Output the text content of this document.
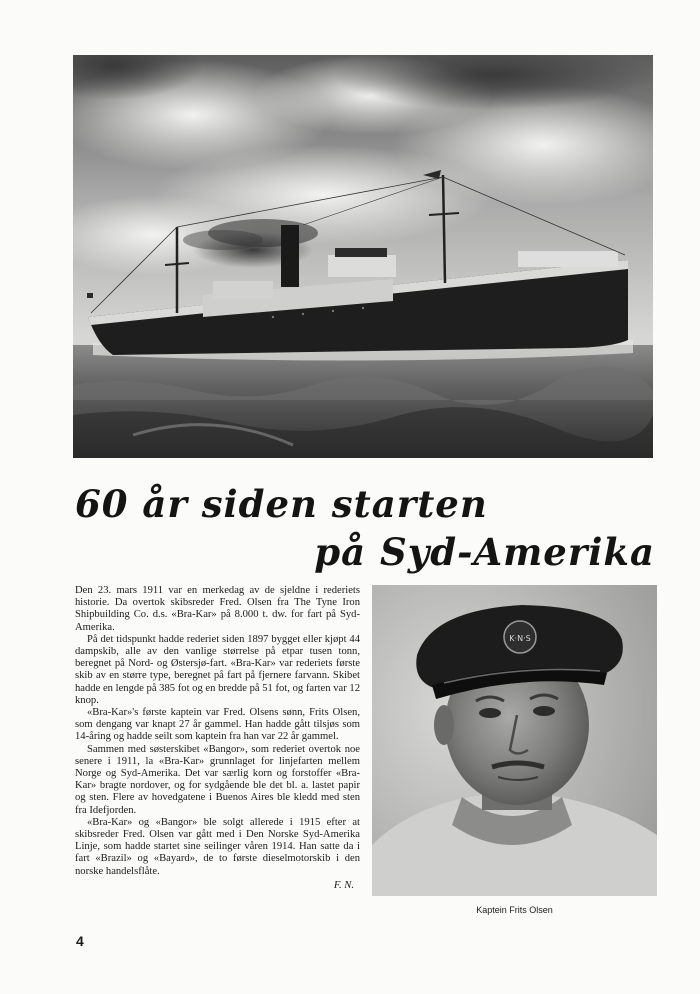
60 år siden starten
på Syd-Amerika

Den 23. mars 1911 var en merkedag av de sjeldne i rederiets historie. Da overtok skibsreder Fred. Olsen fra The Tyne Iron Shipbuilding Co. d.s. «Bra-Kar» på 8.000 t. dw. for fart på Syd-Amerika.

På det tidspunkt hadde rederiet siden 1897 bygget eller kjøpt 44 dampskib, alle av den vanlige størrelse på etpar tusen tonn, beregnet på Nord- og Østersjø-fart. «Bra-Kar» var rederiets første skib av en større type, beregnet på fart på fjernere farvann. Skibet hadde en lengde på 385 fot og en bredde på 51 fot, og farten var 12 knop.

«Bra-Kar»'s første kaptein var Fred. Olsens sønn, Frits Olsen, som dengang var knapt 27 år gammel. Han hadde gått tilsjøs som 14-åring og hadde seilt som kaptein fra han var 22 år gammel.

Sammen med søsterskibet «Bangor», som rederiet overtok noe senere i 1911, la «Bra-Kar» grunnlaget for linjefarten mellem Norge og Syd-Amerika. Det var særlig korn og forstoffer «Bra-Kar» bragte nordover, og for sydgående ble det bl. a. lastet papir og sten. Flere av hovedgatene i Buenos Aires ble kledd med sten fra Idefjorden.

«Bra-Kar» og «Bangor» ble solgt allerede i 1915 efter at skibsreder Fred. Olsen var gått med i Den Norske Syd-Amerika Linje, som hadde startet sine seilinger våren 1914. Han satte da i fart «Brazil» og «Bayard», de to første dieselmotorskib i den norske handelsflåte.

F. N.
K·N·S
Kaptein Frits Olsen
4
